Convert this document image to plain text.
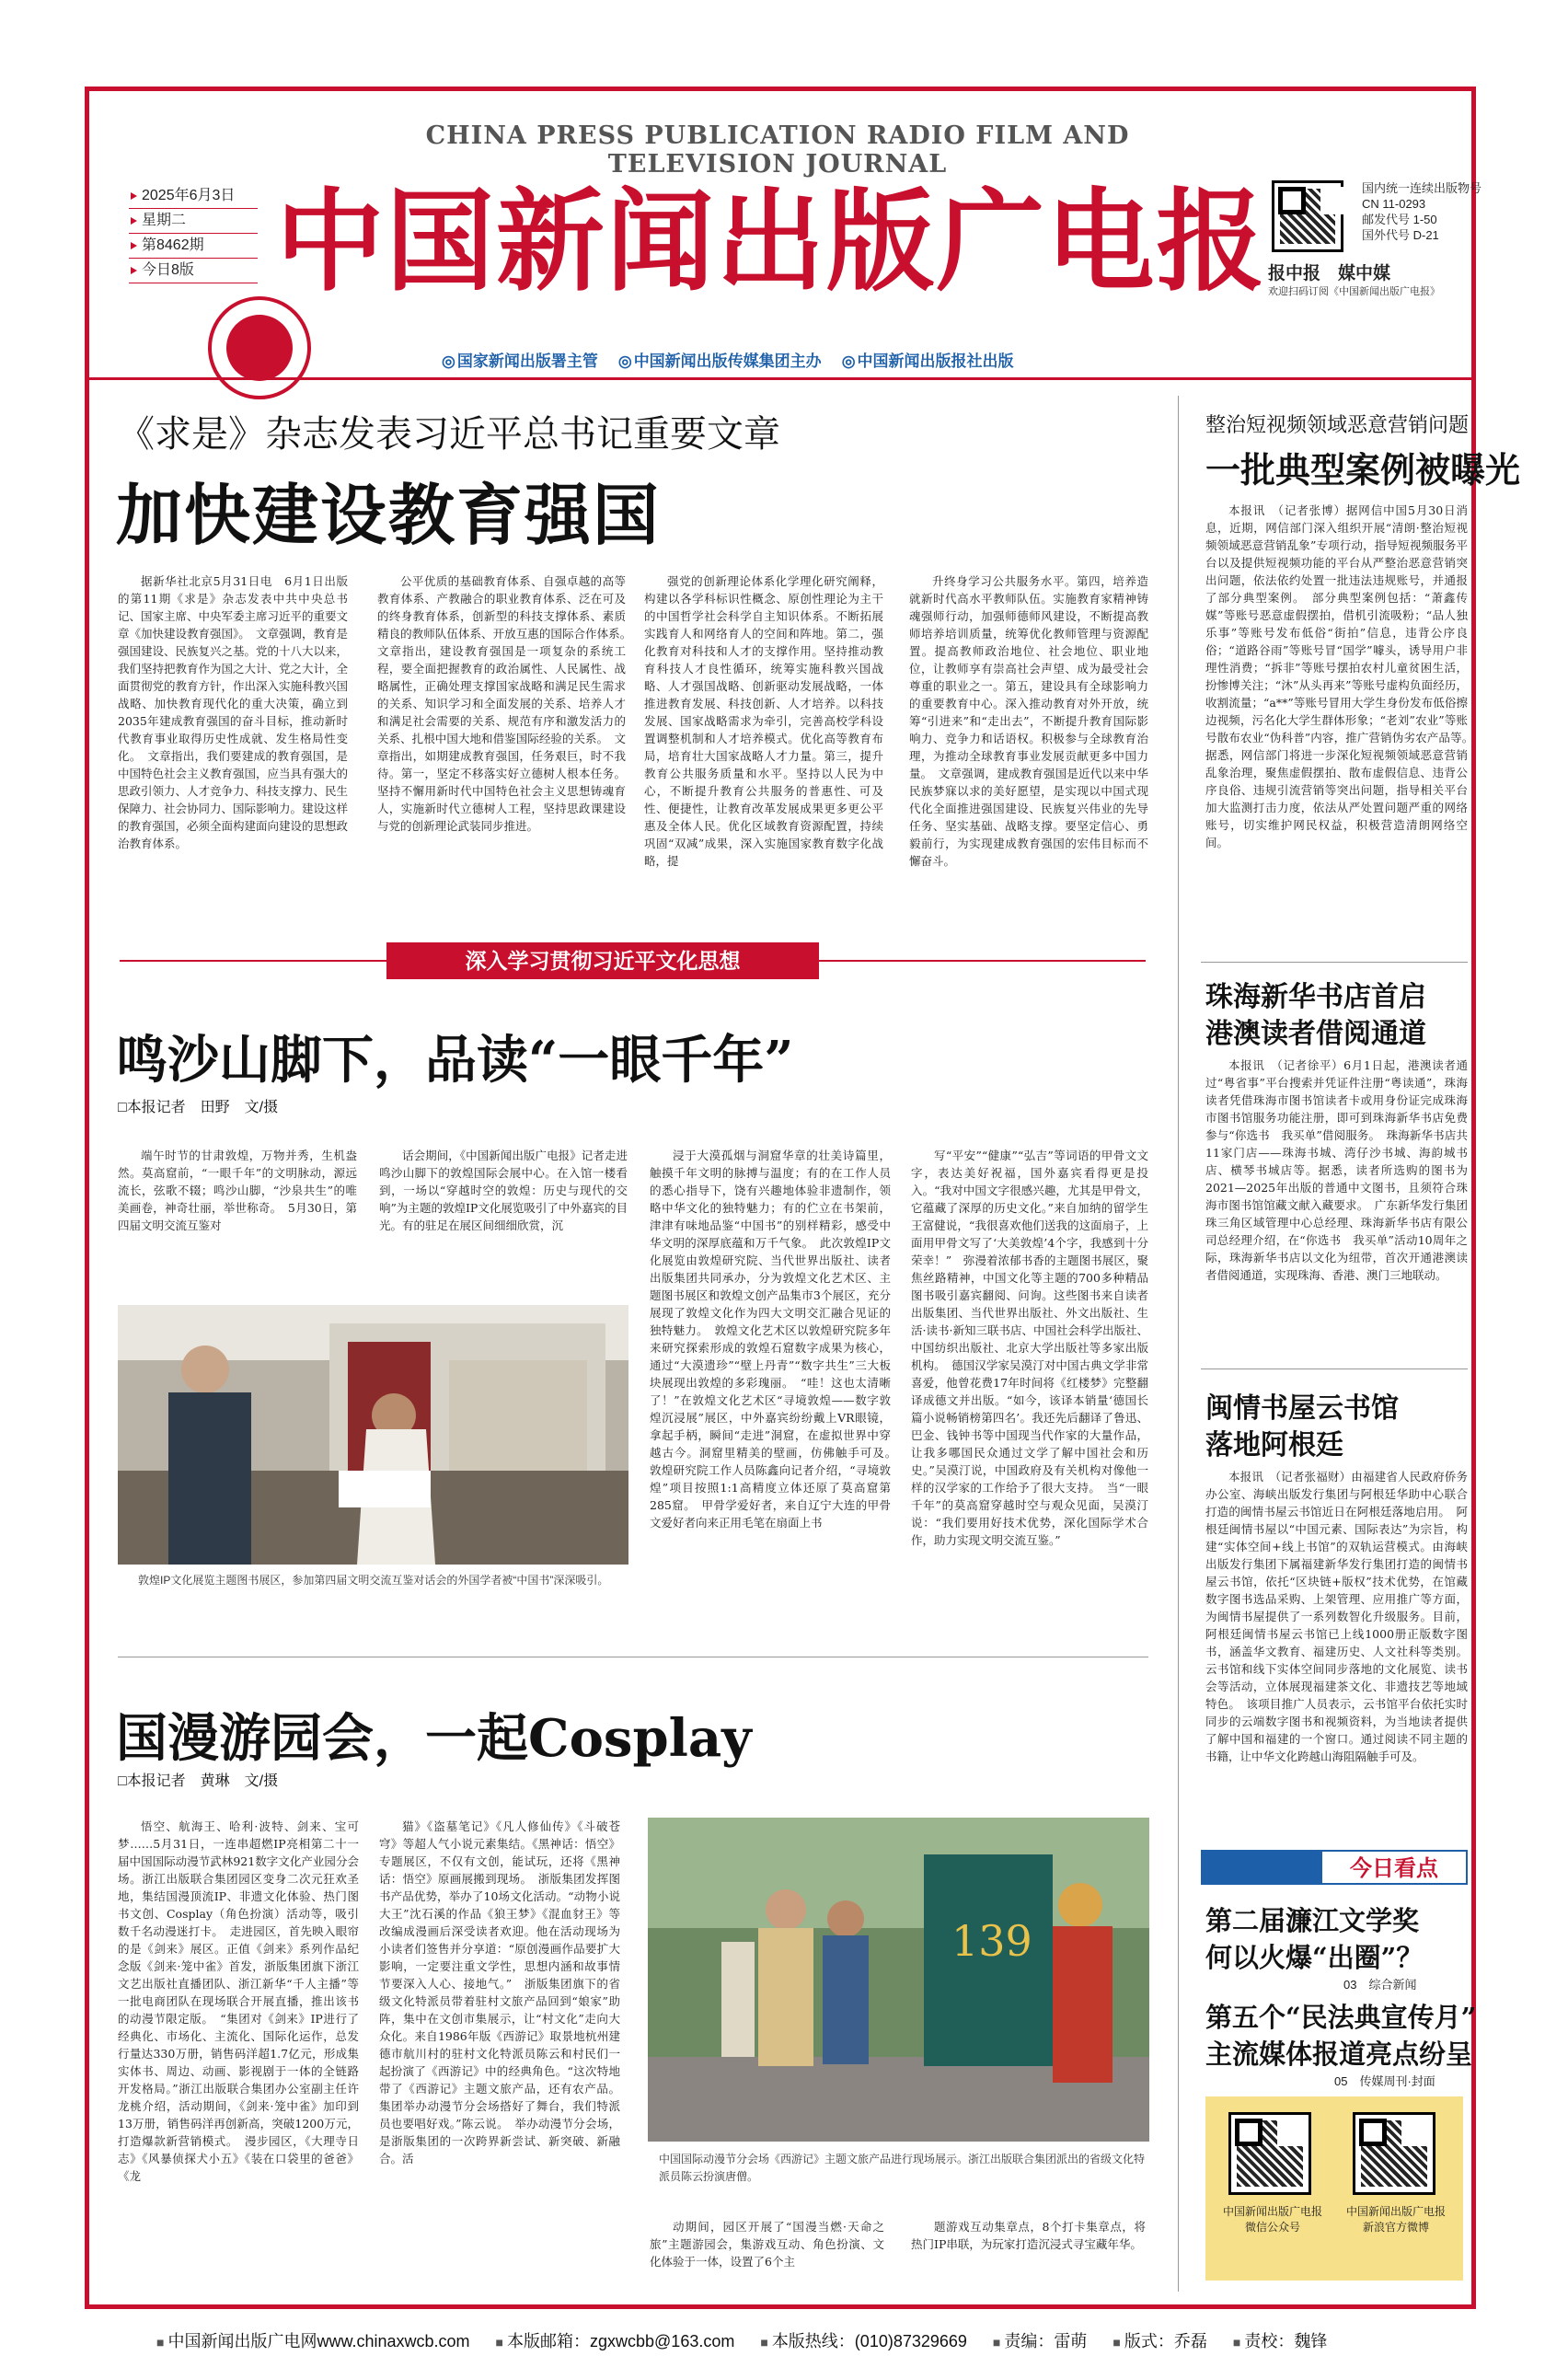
CHINA PRESS PUBLICATION RADIO FILM AND TELEVISION JOURNAL
2025年6月3日
星期二
第8462期
今日8版 中国新闻出版广电报	国内统一连续出版物号
CN 11-0293
邮发代号 1-50
国外代号 D-21
报中报　媒中媒
欢迎扫码订阅《中国新闻出版广电报》
◎ 国家新闻出版署主管	◎ 中国新闻出版传媒集团主办	◎ 中国新闻出版报社出版
《求是》杂志发表习近平总书记重要文章
加快建设教育强国
据新华社北京5月31日电　6月1日出版的第11期《求是》杂志发表中共中央总书记、国家主席、中央军委主席习近平的重要文章《加快建设教育强国》。　文章强调，教育是强国建设、民族复兴之基。党的十八大以来，我们坚持把教育作为国之大计、党之大计，全面贯彻党的教育方针，作出深入实施科教兴国战略、加快教育现代化的重大决策，确立到2035年建成教育强国的奋斗目标，推动新时代教育事业取得历史性成就、发生格局性变化。　文章指出，我们要建成的教育强国，是中国特色社会主义教育强国，应当具有强大的思政引领力、人才竞争力、科技支撑力、民生保障力、社会协同力、国际影响力。建设这样的教育强国，必须全面构建面向建设的思想政治教育体系。
公平优质的基础教育体系、自强卓越的高等教育体系、产教融合的职业教育体系、泛在可及的终身教育体系，创新型的科技支撑体系、素质精良的教师队伍体系、开放互惠的国际合作体系。　文章指出，建设教育强国是一项复杂的系统工程，要全面把握教育的政治属性、人民属性、战略属性，正确处理支撑国家战略和满足民生需求的关系、知识学习和全面发展的关系、培养人才和满足社会需要的关系、规范有序和激发活力的关系、扎根中国大地和借鉴国际经验的关系。　文章指出，如期建成教育强国，任务艰巨，时不我待。第一，坚定不移落实好立德树人根本任务。坚持不懈用新时代中国特色社会主义思想铸魂育人，实施新时代立德树人工程，坚持思政课建设与党的创新理论武装同步推进。
强党的创新理论体系化学理化研究阐释，构建以各学科标识性概念、原创性理论为主干的中国哲学社会科学自主知识体系。不断拓展实践育人和网络育人的空间和阵地。第二，强化教育对科技和人才的支撑作用。坚持推动教育科技人才良性循环，统筹实施科教兴国战略、人才强国战略、创新驱动发展战略，一体推进教育发展、科技创新、人才培养。以科技发展、国家战略需求为牵引，完善高校学科设置调整机制和人才培养模式。优化高等教育布局，培育壮大国家战略人才力量。第三，提升教育公共服务质量和水平。坚持以人民为中心，不断提升教育公共服务的普惠性、可及性、便捷性，让教育改革发展成果更多更公平惠及全体人民。优化区域教育资源配置，持续巩固“双减”成果，深入实施国家教育数字化战略，提
升终身学习公共服务水平。第四，培养造就新时代高水平教师队伍。实施教育家精神铸魂强师行动，加强师德师风建设，不断提高教师培养培训质量，统筹优化教师管理与资源配置。提高教师政治地位、社会地位、职业地位，让教师享有崇高社会声望、成为最受社会尊重的职业之一。第五，建设具有全球影响力的重要教育中心。深入推动教育对外开放，统筹“引进来”和“走出去”，不断提升教育国际影响力、竞争力和话语权。积极参与全球教育治理，为推动全球教育事业发展贡献更多中国力量。　文章强调，建成教育强国是近代以来中华民族梦寐以求的美好愿望，是实现以中国式现代化全面推进强国建设、民族复兴伟业的先导任务、坚实基础、战略支撑。要坚定信心、勇毅前行，为实现建成教育强国的宏伟目标而不懈奋斗。
深入学习贯彻习近平文化思想
鸣沙山脚下，品读“一眼千年”
□本报记者　田野　文/摄
端午时节的甘肃敦煌，万物并秀，生机盎然。莫高窟前，“一眼千年”的文明脉动，源远流长，弦歌不辍；鸣沙山脚，“沙泉共生”的唯美画卷，神奇壮丽，举世称奇。　5月30日，第四届文明交流互鉴对
话会期间，《中国新闻出版广电报》记者走进鸣沙山脚下的敦煌国际会展中心。在入馆一楼看到，一场以“穿越时空的敦煌：历史与现代的交响”为主题的敦煌IP文化展览吸引了中外嘉宾的目光。有的驻足在展区间细细欣赏，沉
敦煌IP文化展览主题图书展区，参加第四届文明交流互鉴对话会的外国学者被“中国书”深深吸引。
浸于大漠孤烟与洞窟华章的壮美诗篇里，触摸千年文明的脉搏与温度；有的在工作人员的悉心指导下，饶有兴趣地体验非遗制作，领略中华文化的独特魅力；有的伫立在书架前，津津有味地品鉴“中国书”的别样精彩，感受中华文明的深厚底蕴和万千气象。　此次敦煌IP文化展览由敦煌研究院、当代世界出版社、读者出版集团共同承办，分为敦煌文化艺术区、主题图书展区和敦煌文创产品集市3个展区，充分展现了敦煌文化作为四大文明交汇融合见证的独特魅力。　敦煌文化艺术区以敦煌研究院多年来研究探索形成的敦煌石窟数字成果为核心，通过“大漠遗珍”“壁上丹青”“数字共生”三大板块展现出敦煌的多彩瑰丽。　“哇！这也太清晰了！”在敦煌文化艺术区“寻境敦煌——数字敦煌沉浸展”展区，中外嘉宾纷纷戴上VR眼镜，拿起手柄，瞬间“走进”洞窟，在虚拟世界中穿越古今。洞窟里精美的壁画，仿佛触手可及。　敦煌研究院工作人员陈鑫向记者介绍，“寻境敦煌”项目按照1:1高精度立体还原了莫高窟第285窟。　甲骨学爱好者，来自辽宁大连的甲骨文爱好者向来正用毛笔在扇面上书
写“平安”“健康”“弘吉”等词语的甲骨文文字，表达美好祝福，国外嘉宾看得更是投入。“我对中国文字很感兴趣，尤其是甲骨文，它蕴藏了深厚的历史文化。”来自加纳的留学生王富健说，“我很喜欢他们送我的这面扇子，上面用甲骨文写了‘大美敦煌’4个字，我感到十分荣幸！”　弥漫着浓郁书香的主题图书展区，聚焦丝路精神，中国文化等主题的700多种精品图书吸引嘉宾翻阅、问询。这些图书来自读者出版集团、当代世界出版社、外文出版社、生活·读书·新知三联书店、中国社会科学出版社、中国纺织出版社、北京大学出版社等多家出版机构。　德国汉学家吴漠汀对中国古典文学非常喜爱，他曾花费17年时间将《红楼梦》完整翻译成德文并出版。“如今，该译本销量‘德国长篇小说畅销榜第四名’。我还先后翻译了鲁迅、巴金、钱钟书等中国现当代作家的大量作品，让我多哪国民众通过文学了解中国社会和历史。”吴漠汀说，中国政府及有关机构对像他一样的汉学家的工作给予了很大支持。　当“一眼千年”的莫高窟穿越时空与观众见面，吴漠汀说：“我们要用好技术优势，深化国际学术合作，助力实现文明交流互鉴。”
国漫游园会，一起Cosplay
□本报记者　黄琳　文/摄
悟空、航海王、哈利·波特、剑来、宝可梦……5月31日，一连串超燃IP亮相第二十一届中国国际动漫节武林921数字文化产业园分会场。浙江出版联合集团园区变身二次元狂欢圣地，集结国漫顶流IP、非遗文化体验、热门图书文创、Cosplay（角色扮演）活动等，吸引数千名动漫迷打卡。　走进园区，首先映入眼帘的是《剑来》展区。正值《剑来》系列作品纪念版《剑来·笼中雀》首发，浙版集团旗下浙江文艺出版社直播团队、浙江新华“千人主播”等一批电商团队在现场联合开展直播，推出该书的动漫节限定版。　“集团对《剑来》IP进行了经典化、市场化、主流化、国际化运作，总发行量达330万册，销售码洋超1.7亿元，形成集实体书、周边、动画、影视剧于一体的全链路开发格局。”浙江出版联合集团办公室副主任许龙桃介绍，活动期间，《剑来·笼中雀》加印到13万册，销售码洋再创新高，突破1200万元，打造爆款新营销模式。　漫步园区，《大理寺日志》《风暴侦探犬小五》《装在口袋里的爸爸》《龙
猫》《盗墓笔记》《凡人修仙传》《斗破苍穹》等超人气小说元素集结。《黑神话：悟空》专题展区，不仅有文创，能试玩，还将《黑神话：悟空》原画展搬到现场。　浙版集团发挥图书产品优势，举办了10场文化活动。“动物小说大王”沈石溪的作品《狼王梦》《混血豺王》等改编成漫画后深受读者欢迎。他在活动现场为小读者们签售并分享道：“原创漫画作品要扩大影响，一定要注重文学性，思想内涵和故事情节要深入人心、接地气。”　浙版集团旗下的省级文化特派员带着驻村文旅产品回到“娘家”助阵，集中在文创市集展示，让“村文化”走向大众化。来自1986年版《西游记》取景地杭州建德市航川村的驻村文化特派员陈云和村民们一起扮演了《西游记》中的经典角色。“这次特地带了《西游记》主题文旅产品，还有农产品。集团举办动漫节分会场搭好了舞台，我们特派员也要唱好戏。”陈云说。　举办动漫节分会场，是浙版集团的一次跨界新尝试、新突破、新融合。活
139
中国国际动漫节分会场《西游记》主题文旅产品进行现场展示。浙江出版联合集团派出的省级文化特派员陈云扮演唐僧。
动期间，园区开展了“国漫当燃·天命之旅”主题游园会，集游戏互动、角色扮演、文化体验于一体，设置了6个主
题游戏互动集章点，8个打卡集章点，将热门IP串联，为玩家打造沉浸式寻宝藏年华。
整治短视频领域恶意营销问题
一批典型案例被曝光
本报讯　（记者张博）据网信中国5月30日消息，近期，网信部门深入组织开展“清朗·整治短视频领域恶意营销乱象”专项行动，指导短视频服务平台以及提供短视频功能的平台从严整治恶意营销突出问题，依法依约处置一批违法违规账号，并通报了部分典型案例。　部分典型案例包括：“萧鑫传媒”等账号恶意虚假摆拍，借机引流吸粉；“品人独乐事”等账号发布低俗“街拍”信息，违背公序良俗；“道路谷雨”等账号冒“国学”噱头，诱导用户非理性消费；“拆非”等账号摆拍农村儿童贫困生活，扮惨博关注；“沐”从头再来”等账号虚构负面经历，收割流量；“a**”等账号冒用大学生身份发布低俗擦边视频，污名化大学生群体形象；“老刘”农业”等账号散布农业“伪科普”内容，推广营销伪劣农产品等。　据悉，网信部门将进一步深化短视频领域恶意营销乱象治理，聚焦虚假摆拍、散布虚假信息、违背公序良俗、违规引流营销等突出问题，指导相关平台加大监测打击力度，依法从严处置问题严重的网络账号，切实维护网民权益，积极营造清朗网络空间。
珠海新华书店首启
港澳读者借阅通道
本报讯　（记者徐平）6月1日起，港澳读者通过“粤省事”平台搜索并凭证件注册“粤读通”，珠海读者凭借珠海市图书馆读者卡或用身份证完成珠海市图书馆服务功能注册，即可到珠海新华书店免费参与“你选书　我买单”借阅服务。　珠海新华书店共11家门店——珠海书城、湾仔沙书城、海韵城书店、横琴书城店等。据悉，读者所选购的图书为2021—2025年出版的普通中文图书，且须符合珠海市图书馆馆藏文献入藏要求。　广东新华发行集团珠三角区域管理中心总经理、珠海新华书店有限公司总经理介绍，在“你选书　我买单”活动10周年之际，珠海新华书店以文化为纽带，首次开通港澳读者借阅通道，实现珠海、香港、澳门三地联动。
闽情书屋云书馆
落地阿根廷
本报讯　（记者张福财）由福建省人民政府侨务办公室、海峡出版发行集团与阿根廷华助中心联合打造的闽情书屋云书馆近日在阿根廷落地启用。　阿根廷闽情书屋以“中国元素、国际表达”为宗旨，构建“实体空间+线上书馆”的双轨运营模式。由海峡出版发行集团下属福建新华发行集团打造的闽情书屋云书馆，依托“区块链+版权”技术优势，在馆藏数字图书选品采购、上架管理、应用推广等方面，为闽情书屋提供了一系列数智化升级服务。目前，阿根廷闽情书屋云书馆已上线1000册正版数字图书，涵盖华文教育、福建历史、人文社科等类别。云书馆和线下实体空间同步落地的文化展览、读书会等活动，立体展现福建茶文化、非遗技艺等地域特色。　该项目推广人员表示，云书馆平台依托实时同步的云端数字图书和视频资料，为当地读者提供了解中国和福建的一个窗口。通过阅读不同主题的书籍，让中华文化跨越山海阻隔触手可及。
今日看点
第二届濂江文学奖
何以火爆“出圈”？
03　综合新闻
第五个“民法典宣传月”
主流媒体报道亮点纷呈
05　传媒周刊·封面
中国新闻出版广电报
微信公众号
中国新闻出版广电报
新浪官方微博
■ 中国新闻出版广电网www.chinaxwcb.com	■ 本版邮箱：zgxwcbb@163.com	■ 本版热线：(010)87329669	■ 责编：雷萌	■ 版式：乔磊	■ 责校：魏锋
